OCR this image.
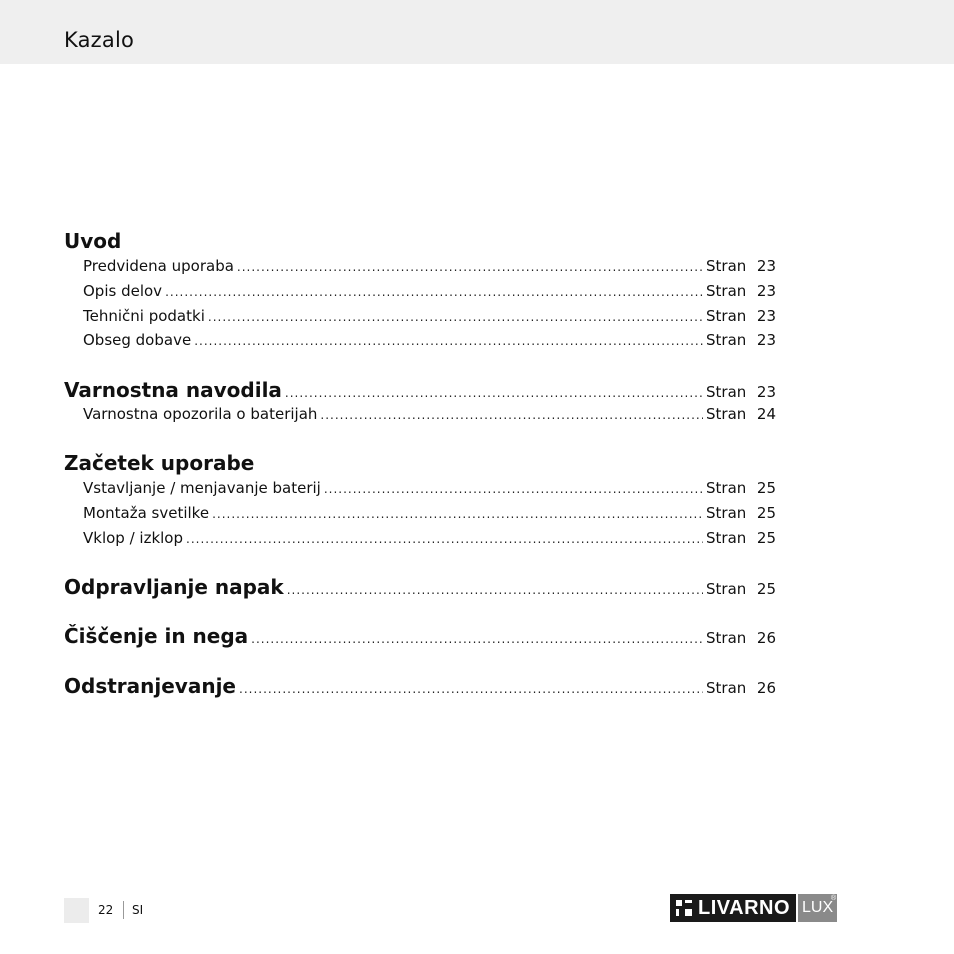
Kazalo
Uvod
Predvidena uporaba .....	Stran 23
Opis delov .....	Stran 23
Tehnični podatki .....	Stran 23
Obseg dobave .....	Stran 23
Varnostna navodila .....	Stran 23
Varnostna opozorila o baterijah .....	Stran 24
Začetek uporabe
Vstavljanje / menjavanje baterij .....	Stran 25
Montaža svetilke .....	Stran 25
Vklop / izklop .....	Stran 25
Odpravljanje napak .....	Stran 25
Čiščenje in nega .....	Stran 26
Odstranjevanje .....	Stran 26
22 SI	LIVARNO LUX
®
